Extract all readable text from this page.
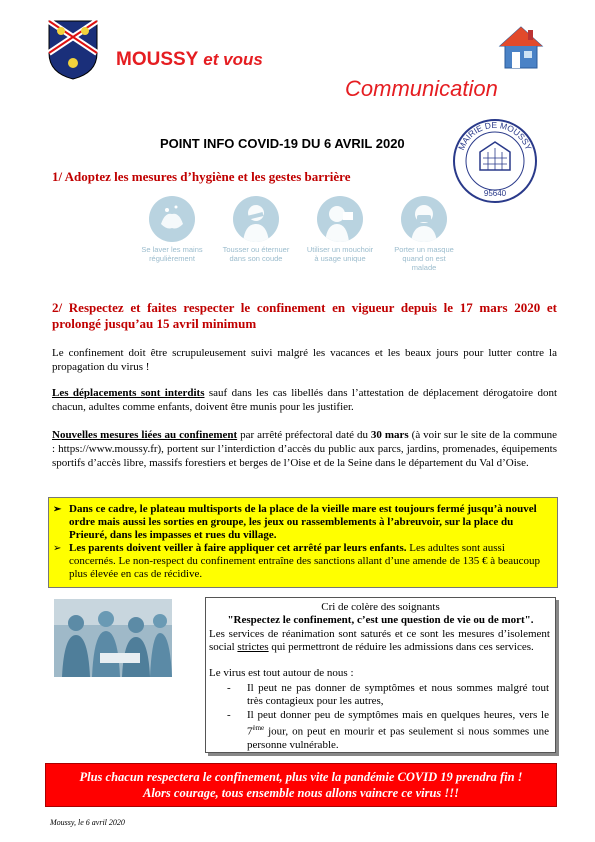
MOUSSY et vous
Communication
POINT INFO COVID-19 DU 6 AVRIL 2020	MAIRIE DE MOUSSY
95640
1/ Adoptez les mesures d’hygiène et les gestes barrière
Se laver les mains régulièrement
Tousser ou éternuer dans son coude
Utiliser un mouchoir à usage unique
Porter un masque quand on est malade
2/ Respectez et faites respecter le confinement en vigueur depuis le 17 mars 2020 et prolongé jusqu’au 15 avril minimum
Le confinement doit être scrupuleusement suivi malgré les vacances et les beaux jours pour lutter contre la propagation du virus !
Les déplacements sont interdits sauf dans les cas libellés dans l’attestation de déplacement dérogatoire dont chacun, adultes comme enfants, doivent être munis pour les justifier.
Nouvelles mesures liées au confinement par arrêté préfectoral daté du 30 mars (à voir sur le site de la commune : https://www.moussy.fr), portent sur l’interdiction d’accès du public aux parcs, jardins, promenades, équipements sportifs d’accès libre, massifs forestiers et berges de l’Oise et de la Seine dans le département du Val d’Oise.
➢ Dans ce cadre, le plateau multisports de la place de la vieille mare est toujours fermé jusqu’à nouvel ordre mais aussi les sorties en groupe, les jeux ou rassemblements à l’abreuvoir, sur la place du Prieuré, dans les impasses et rues du village.
➢ Les parents doivent veiller à faire appliquer cet arrêté par leurs enfants. Les adultes sont aussi concernés. Le non-respect du confinement entraîne des sanctions allant d’une amende de 135 € à beaucoup plus élevée en cas de récidive.
Cri de colère des soignants
"Respectez le confinement, c’est une question de vie ou de mort".
Les services de réanimation sont saturés et ce sont les mesures d’isolement social strictes qui permettront de réduire les admissions dans ces services.
Le virus est tout autour de nous :
- Il peut ne pas donner de symptômes et nous sommes malgré tout très contagieux pour les autres,
- Il peut donner peu de symptômes mais en quelques heures, vers le 7ème jour, on peut en mourir et pas seulement si nous sommes une personne vulnérable.
Plus chacun respectera le confinement, plus vite la pandémie COVID 19 prendra fin !
Alors courage, tous ensemble nous allons vaincre ce virus !!!
Moussy, le 6 avril 2020
